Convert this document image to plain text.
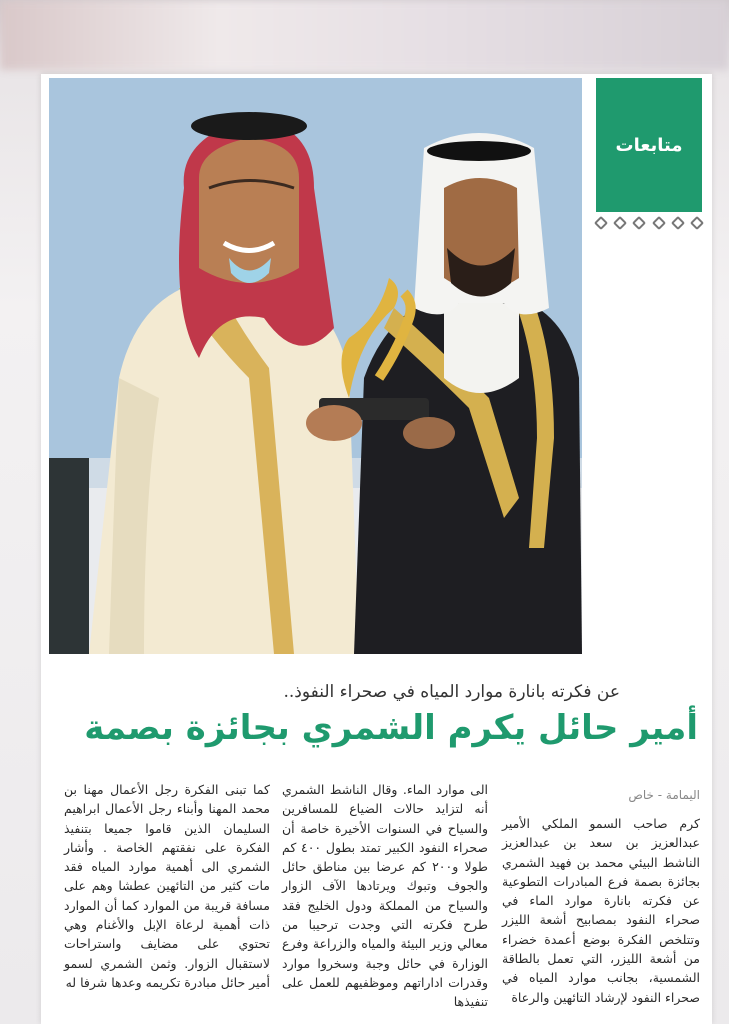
متابعات
عن فكرته بانارة موارد المياه في صحراء النفوذ..
أمير حائل يكرم الشمري بجائزة بصمة
اليمامة - خاص

كرم صاحب السمو الملكي الأمير عبدالعزيز بن سعد بن عبدالعزيز الناشط البيئي محمد بن فهيد الشمري بجائزة بصمة فرع المبادرات التطوعية عن فكرته بانارة موارد الماء في صحراء النفود بمصابيح أشعة الليزر وتتلخص الفكرة بوضع أعمدة خضراء من أشعة الليزر، التي تعمل بالطاقة الشمسية، بجانب موارد المياه في صحراء النفود لإرشاد التائهين والرعاة

الى موارد الماء. وقال الناشط الشمري أنه لتزايد حالات الضياع للمسافرين والسياح في السنوات الأخيرة خاصة أن صحراء النفود الكبير تمتد بطول ٤٠٠ كم طولا و٢٠٠ كم عرضا بين مناطق حائل والجوف وتبوك ويرتادها الآف الزوار والسياح من المملكة ودول الخليج فقد طرح فكرته التي وجدت ترحيبا من معالي وزير البيئة والمياه والزراعة وفرع الوزارة في حائل وجبة وسخروا موارد وقدرات اداراتهم وموظفيهم للعمل على تنفيذها

كما تبنى الفكرة رجل الأعمال مهنا بن محمد المهنا وأبناء رجل الأعمال ابراهيم السليمان الذين قاموا جميعا بتنفيذ الفكرة على نفقتهم الخاصة . وأشار الشمري الى أهمية موارد المياه فقد مات كثير من التائهين عطشا وهم على مسافة قريبة من الموارد كما أن الموارد ذات أهمية لرعاة الإبل والأغنام وهي تحتوي على مضايف واستراحات لاستقبال الزوار. وثمن الشمري لسمو أمير حائل مبادرة تكريمه وعدها شرفا له
